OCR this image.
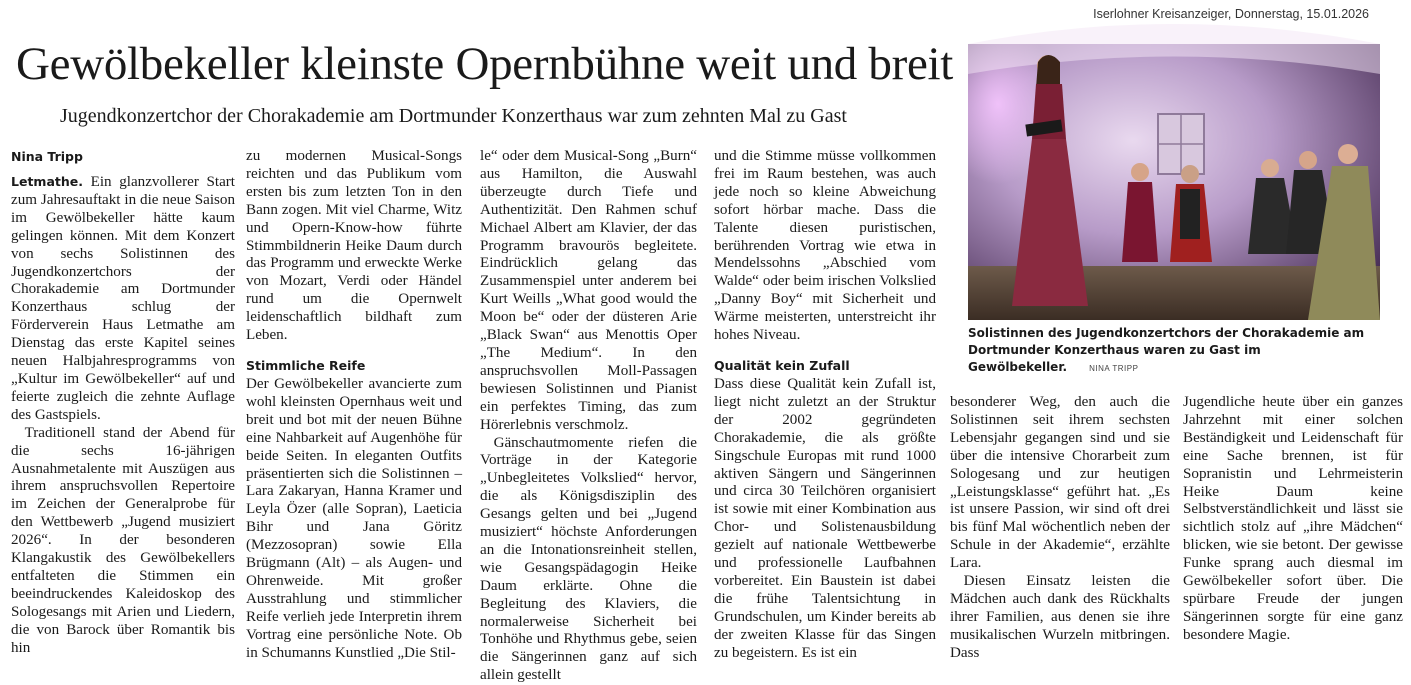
Iserlohner Kreisanzeiger, Donnerstag, 15.01.2026
Gewölbekeller kleinste Opernbühne weit und breit
Jugendkonzertchor der Chorakademie am Dortmunder Konzerthaus war zum zehnten Mal zu Gast
Nina Tripp

Letmathe. Ein glanzvollerer Start zum Jahresauftakt in die neue Saison im Gewölbekeller hätte kaum gelingen können. Mit dem Konzert von sechs Solistinnen des Jugendkonzertchors der Chorakademie am Dortmunder Konzerthaus schlug der Förderverein Haus Letmathe am Dienstag das erste Kapitel seines neuen Halbjahresprogramms von „Kultur im Gewölbekeller“ auf und feierte zugleich die zehnte Auflage des Gastspiels.

Traditionell stand der Abend für die sechs 16-jährigen Ausnahmetalente mit Auszügen aus ihrem anspruchsvollen Repertoire im Zeichen der Generalprobe für den Wettbewerb „Jugend musiziert 2026“. In der besonderen Klangakustik des Gewölbekellers entfalteten die Stimmen ein beeindruckendes Kaleidoskop des Sologesangs mit Arien und Liedern, die von Barock über Romantik bis hin

zu modernen Musical-Songs reichten und das Publikum vom ersten bis zum letzten Ton in den Bann zogen. Mit viel Charme, Witz und Opern-Know-how führte Stimmbildnerin Heike Daum durch das Programm und erweckte Werke von Mozart, Verdi oder Händel rund um die Opernwelt leidenschaftlich bildhaft zum Leben.

Stimmliche Reife

Der Gewölbekeller avancierte zum wohl kleinsten Opernhaus weit und breit und bot mit der neuen Bühne eine Nahbarkeit auf Augenhöhe für beide Seiten. In eleganten Outfits präsentierten sich die Solistinnen – Lara Zakaryan, Hanna Kramer und Leyla Özer (alle Sopran), Laeticia Bihr und Jana Göritz (Mezzosopran) sowie Ella Brügmann (Alt) – als Augen- und Ohrenweide. Mit großer Ausstrahlung und stimmlicher Reife verlieh jede Interpretin ihrem Vortrag eine persönliche Note. Ob in Schumanns Kunstlied „Die Stil-

le“ oder dem Musical-Song „Burn“ aus Hamilton, die Auswahl überzeugte durch Tiefe und Authentizität. Den Rahmen schuf Michael Albert am Klavier, der das Programm bravourös begleitete. Eindrücklich gelang das Zusammenspiel unter anderem bei Kurt Weills „What good would the Moon be“ oder der düsteren Arie „Black Swan“ aus Menottis Oper „The Medium“. In den anspruchsvollen Moll-Passagen bewiesen Solistinnen und Pianist ein perfektes Timing, das zum Hörerlebnis verschmolz.

Gänschautmomente riefen die Vorträge in der Kategorie „Unbegleitetes Volkslied“ hervor, die als Königsdisziplin des Gesangs gelten und bei „Jugend musiziert“ höchste Anforderungen an die Intonationsreinheit stellen, wie Gesangspädagogin Heike Daum erklärte. Ohne die Begleitung des Klaviers, die normalerweise Sicherheit bei Tonhöhe und Rhythmus gebe, seien die Sängerinnen ganz auf sich allein gestellt

und die Stimme müsse vollkommen frei im Raum bestehen, was auch jede noch so kleine Abweichung sofort hörbar mache. Dass die Talente diesen puristischen, berührenden Vortrag wie etwa in Mendelssohns „Abschied vom Walde“ oder beim irischen Volkslied „Danny Boy“ mit Sicherheit und Wärme meisterten, unterstreicht ihr hohes Niveau.

Qualität kein Zufall

Dass diese Qualität kein Zufall ist, liegt nicht zuletzt an der Struktur der 2002 gegründeten Chorakademie, die als größte Singschule Europas mit rund 1000 aktiven Sängern und Sängerinnen und circa 30 Teilchören organisiert ist sowie mit einer Kombination aus Chor- und Solistenausbildung gezielt auf nationale Wettbewerbe und professionelle Laufbahnen vorbereitet. Ein Baustein ist dabei die frühe Talentsichtung in Grundschulen, um Kinder bereits ab der zweiten Klasse für das Singen zu begeistern. Es ist ein

besonderer Weg, den auch die Solistinnen seit ihrem sechsten Lebensjahr gegangen sind und sie über die intensive Chorarbeit zum Sologesang und zur heutigen „Leistungsklasse“ geführt hat. „Es ist unsere Passion, wir sind oft drei bis fünf Mal wöchentlich neben der Schule in der Akademie“, erzählte Lara.

Diesen Einsatz leisten die Mädchen auch dank des Rückhalts ihrer Familien, aus denen sie ihre musikalischen Wurzeln mitbringen. Dass

Jugendliche heute über ein ganzes Jahrzehnt mit einer solchen Beständigkeit und Leidenschaft für eine Sache brennen, ist für Sopranistin und Lehrmeisterin Heike Daum keine Selbstverständlichkeit und lässt sie sichtlich stolz auf „ihre Mädchen“ blicken, wie sie betont. Der gewisse Funke sprang auch diesmal im Gewölbekeller sofort über. Die spürbare Freude der jungen Sängerinnen sorgte für eine ganz besondere Magie.

Solistinnen des Jugendkonzertchors der Chorakademie am Dortmunder Konzerthaus waren zu Gast im Gewölbekeller.	NINA TRIPP
